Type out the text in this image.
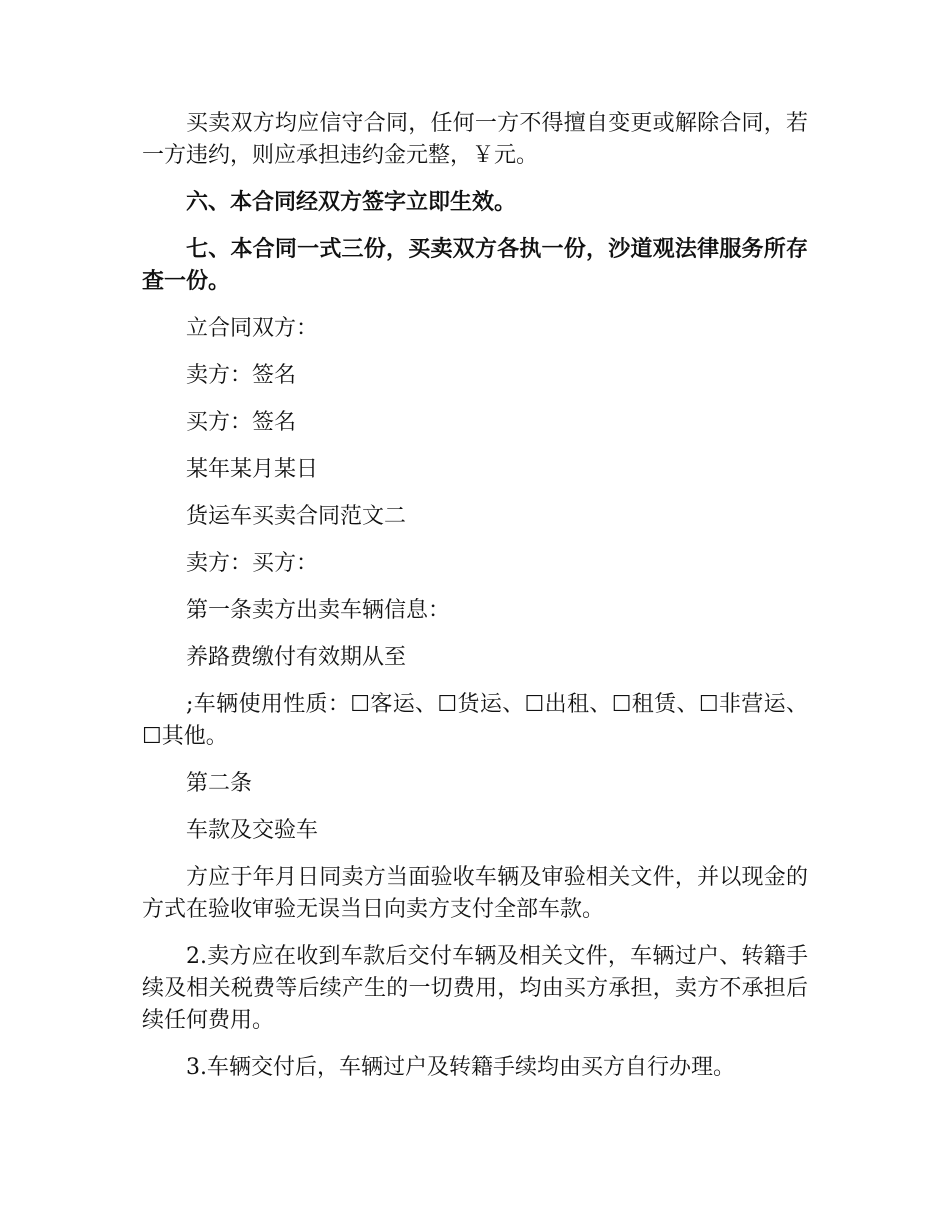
买卖双方均应信守合同，任何一方不得擅自变更或解除合同，若一方违约，则应承担违约金元整，￥元。

六、本合同经双方签字立即生效。

七、本合同一式三份，买卖双方各执一份，沙道观法律服务所存查一份。

立合同双方：

卖方：签名

买方：签名

某年某月某日

货运车买卖合同范文二

卖方：买方：

第一条卖方出卖车辆信息：

养路费缴付有效期从至

;车辆使用性质：☐客运、☐货运、☐出租、☐租赁、☐非营运、☐其他。

第二条

车款及交验车

方应于年月日同卖方当面验收车辆及审验相关文件，并以现金的方式在验收审验无误当日向卖方支付全部车款。

2.卖方应在收到车款后交付车辆及相关文件，车辆过户、转籍手续及相关税费等后续产生的一切费用，均由买方承担，卖方不承担后续任何费用。

3.车辆交付后，车辆过户及转籍手续均由买方自行办理。
